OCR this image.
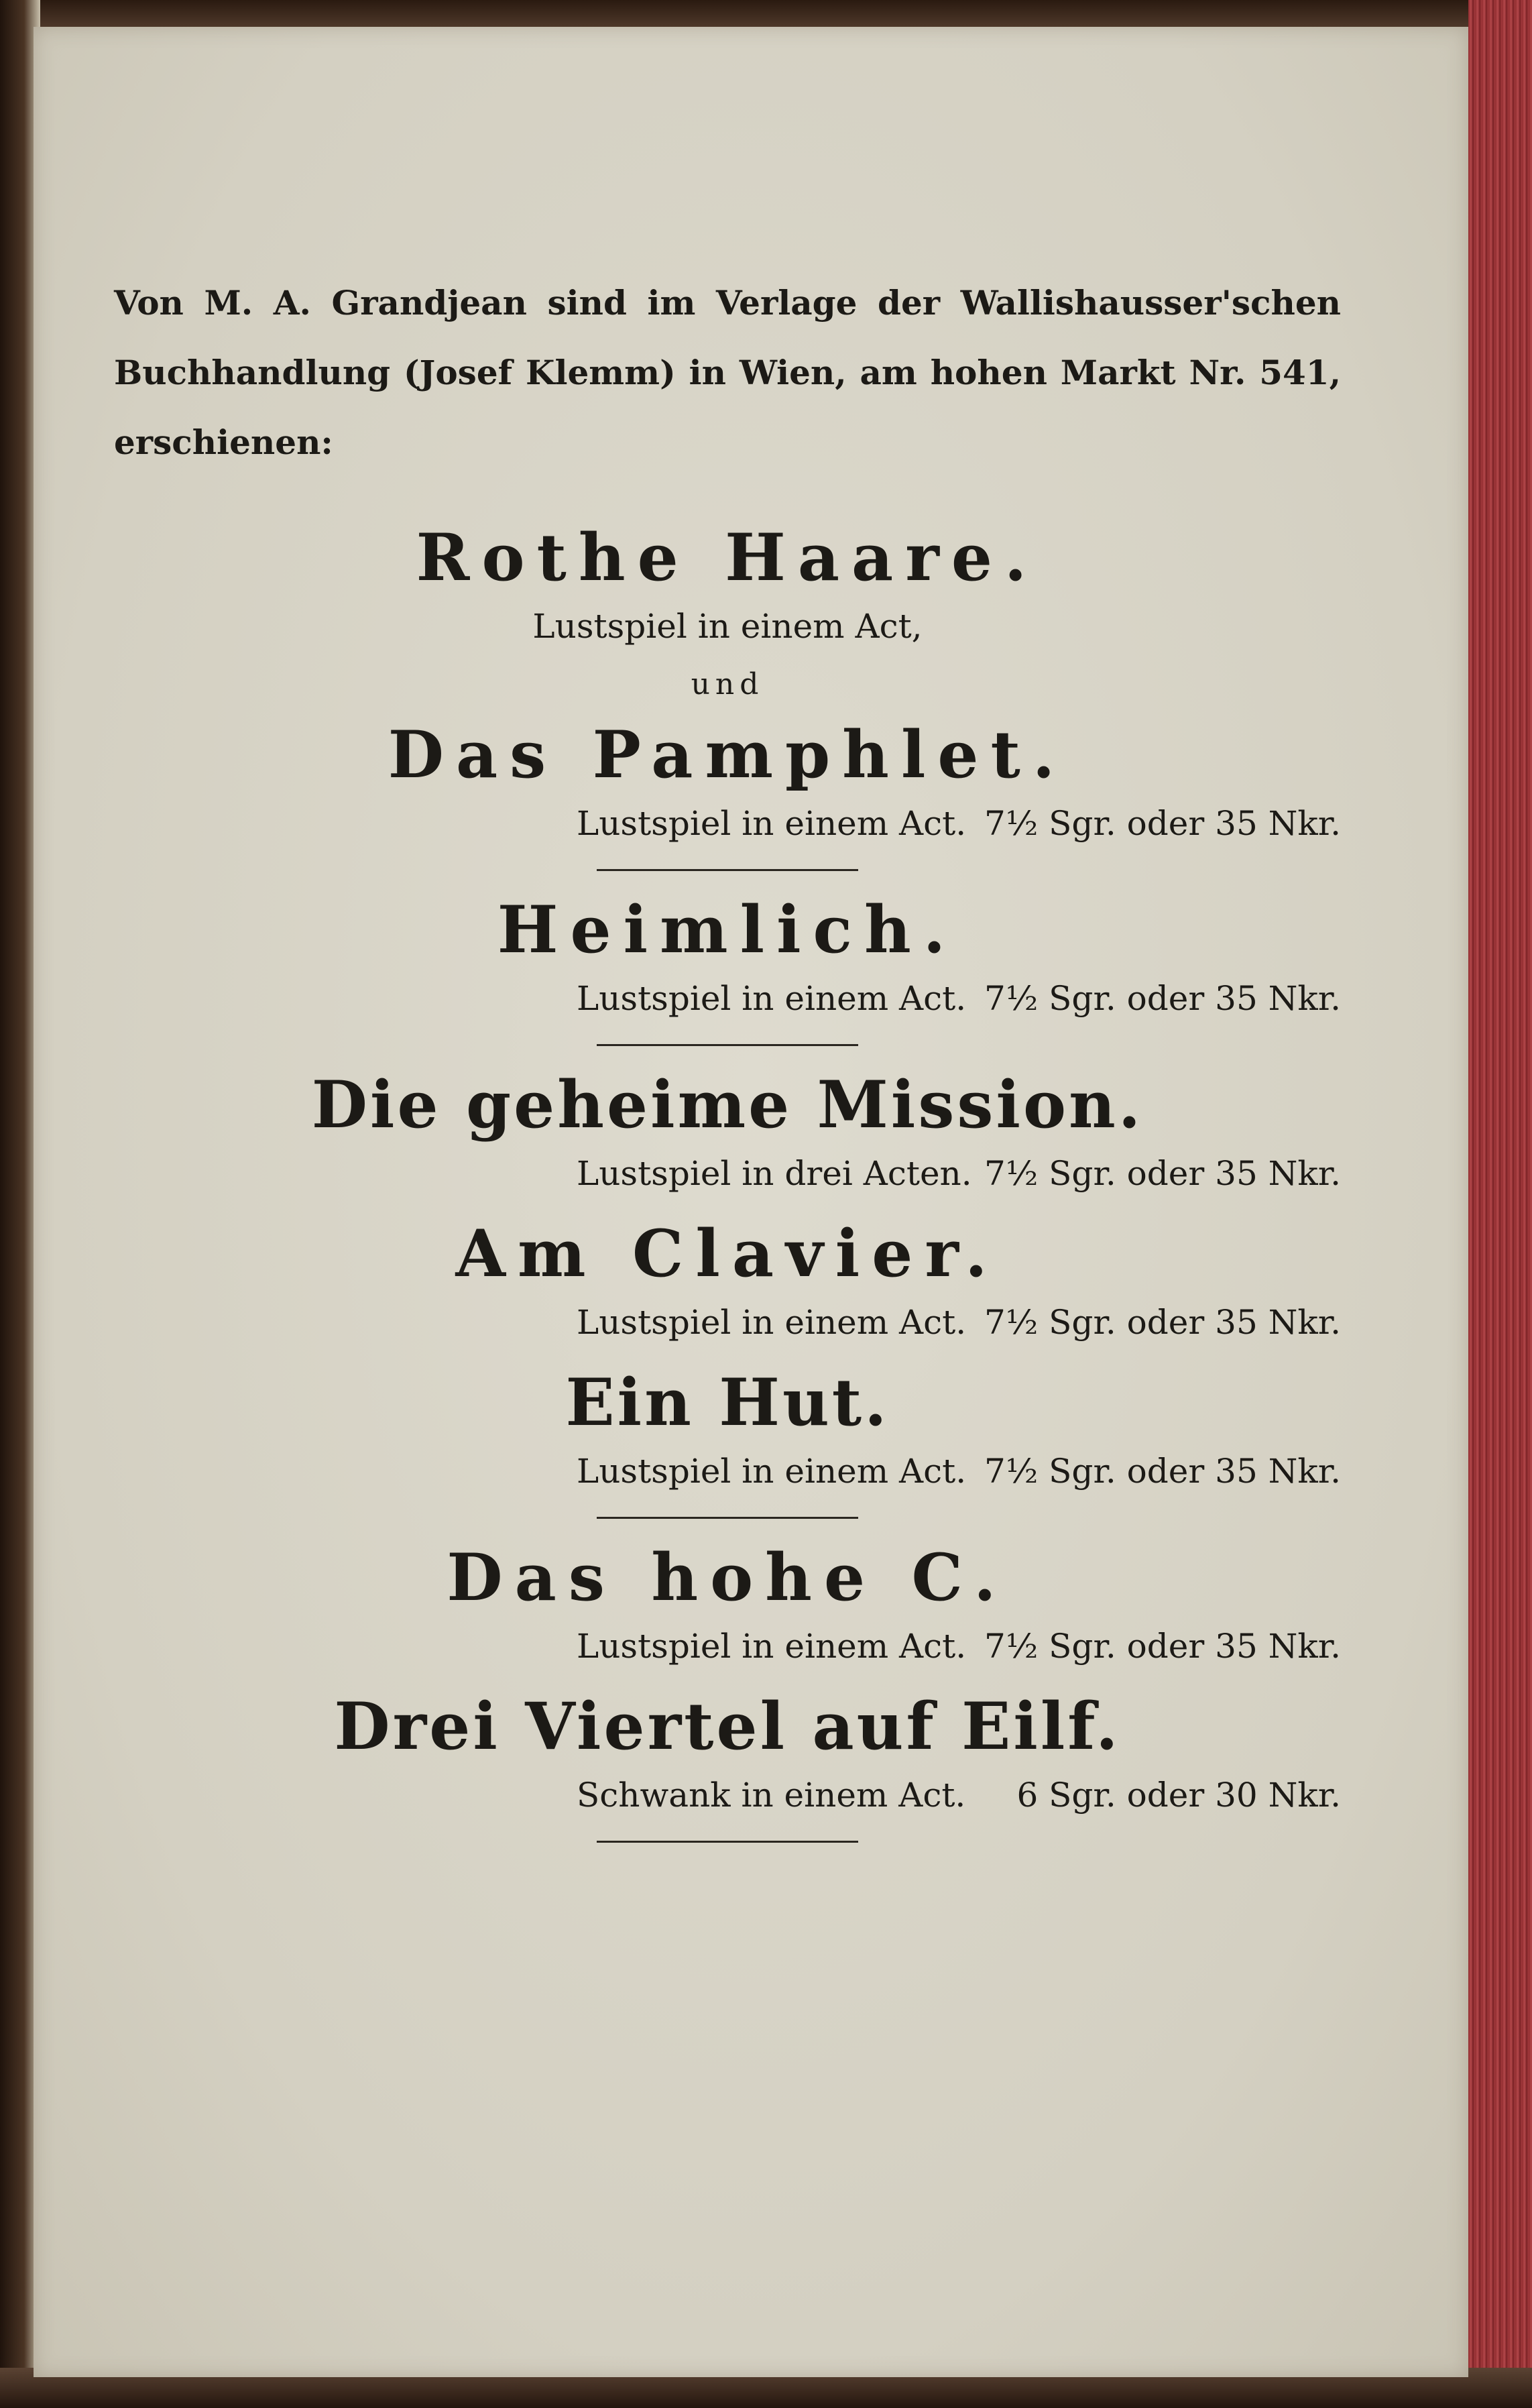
Von M. A. Grandjean sind im Verlage der Wallishausser'schen Buchhandlung (Josef Klemm) in Wien, am hohen Markt Nr. 541, erschienen:

Rothe Haare.
Lustspiel in einem Act,
und
Das Pamphlet.
Lustspiel in einem Act. 7½ Sgr. oder 35 Nkr.
Heimlich.
Lustspiel in einem Act. 7½ Sgr. oder 35 Nkr.
Die geheime Mission.
Lustspiel in drei Acten. 7½ Sgr. oder 35 Nkr.
Am Clavier.
Lustspiel in einem Act. 7½ Sgr. oder 35 Nkr.
Ein Hut.
Lustspiel in einem Act. 7½ Sgr. oder 35 Nkr.
Das hohe C.
Lustspiel in einem Act. 7½ Sgr. oder 35 Nkr.
Drei Viertel auf Eilf.
Schwank in einem Act. 6 Sgr. oder 30 Nkr.
